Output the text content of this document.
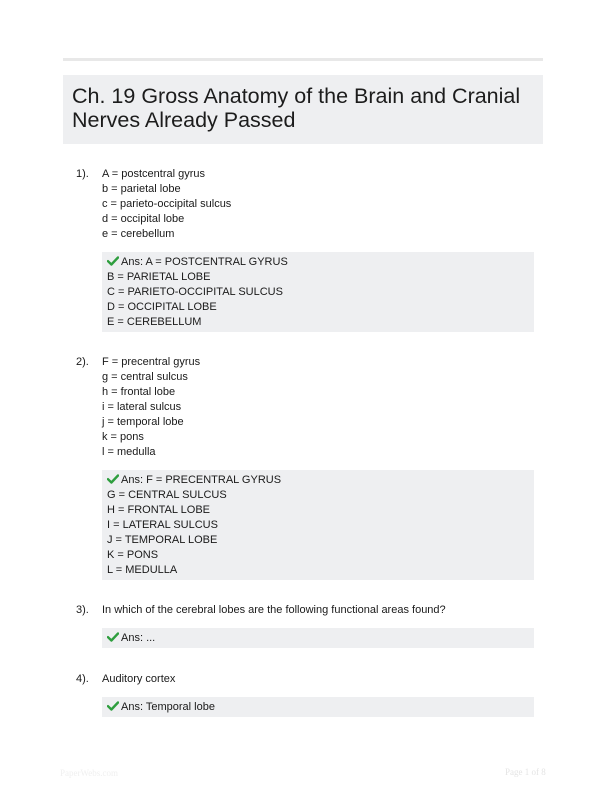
Ch. 19 Gross Anatomy of the Brain and Cranial
Nerves Already Passed
1). A = postcentral gyrus
b = parietal lobe
c = parieto-occipital sulcus
d = occipital lobe
e = cerebellum
Ans: A = POSTCENTRAL GYRUS
B = PARIETAL LOBE
C = PARIETO-OCCIPITAL SULCUS
D = OCCIPITAL LOBE
E = CEREBELLUM
2). F = precentral gyrus
g = central sulcus
h = frontal lobe
i = lateral sulcus
j = temporal lobe
k = pons
l = medulla
Ans: F = PRECENTRAL GYRUS
G = CENTRAL SULCUS
H = FRONTAL LOBE
I = LATERAL SULCUS
J = TEMPORAL LOBE
K = PONS
L = MEDULLA
3). In which of the cerebral lobes are the following functional areas found?
Ans: ...
4). Auditory cortex
Ans: Temporal lobe
PaperWebs.com	Page 1 of 8
